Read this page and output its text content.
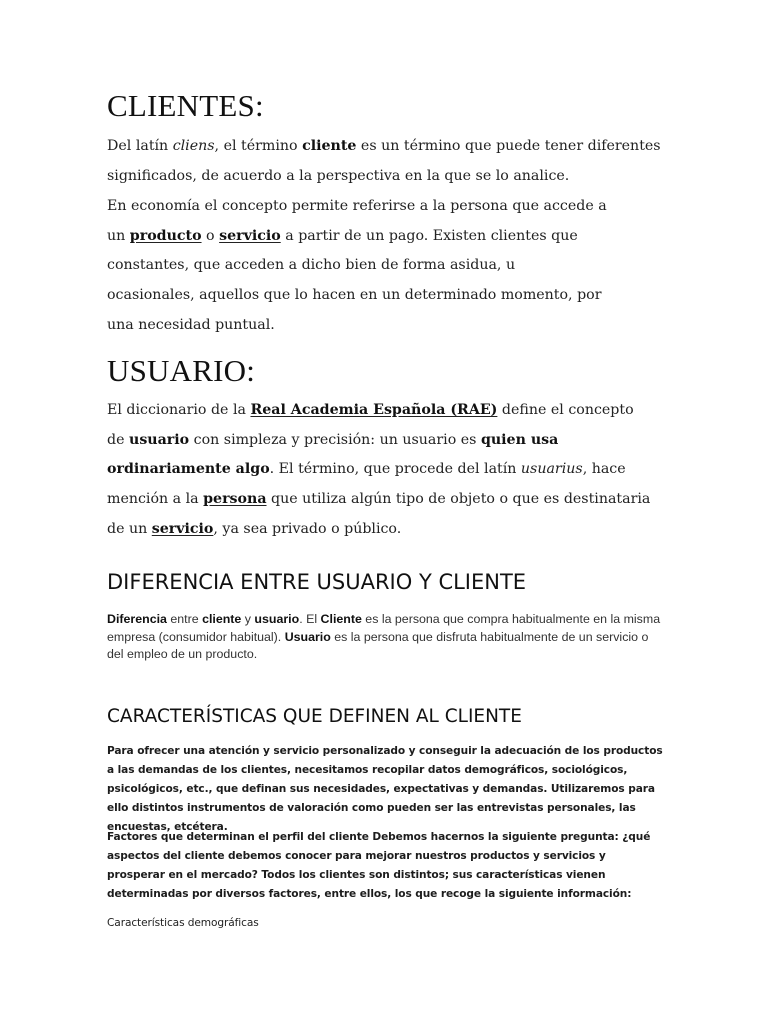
CLIENTES:

Del latín cliens, el término cliente es un término que puede tener diferentes significados, de acuerdo a la perspectiva en la que se lo analice.

En economía el concepto permite referirse a la persona que accede a un producto o servicio a partir de un pago. Existen clientes que constantes, que acceden a dicho bien de forma asidua, u ocasionales, aquellos que lo hacen en un determinado momento, por una necesidad puntual.

USUARIO:

El diccionario de la Real Academia Española (RAE) define el concepto de usuario con simpleza y precisión: un usuario es quien usa ordinariamente algo. El término, que procede del latín usuarius, hace mención a la persona que utiliza algún tipo de objeto o que es destinataria de un servicio, ya sea privado o público.

DIFERENCIA ENTRE USUARIO Y CLIENTE

Diferencia entre cliente y usuario. El Cliente es la persona que compra habitualmente en la misma empresa (consumidor habitual). Usuario es la persona que disfruta habitualmente de un servicio o del empleo de un producto.

CARACTERÍSTICAS QUE DEFINEN AL CLIENTE

Para ofrecer una atención y servicio personalizado y conseguir la adecuación de los productos a las demandas de los clientes, necesitamos recopilar datos demográficos, sociológicos, psicológicos, etc., que definan sus necesidades, expectativas y demandas. Utilizaremos para ello distintos instrumentos de valoración como pueden ser las entrevistas personales, las encuestas, etcétera.

Factores que determinan el perfil del cliente Debemos hacernos la siguiente pregunta: ¿qué aspectos del cliente debemos conocer para mejorar nuestros productos y servicios y prosperar en el mercado? Todos los clientes son distintos; sus características vienen determinadas por diversos factores, entre ellos, los que recoge la siguiente información:

Características demográficas
